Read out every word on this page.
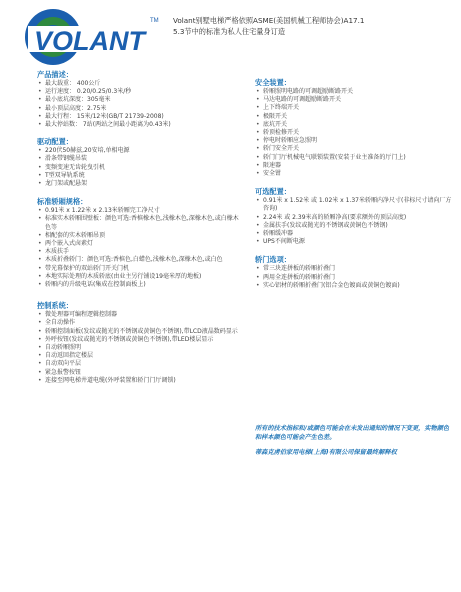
VOLANT
TM Volant别墅电梯严格依照ASME(美国机械工程师协会)A17.1
5.3节中的标准为私人住宅量身订造
产品描述：
• 最大载重： 400公斤
• 运行速度： 0.20/0.25/0.3米/秒
• 最小底坑深度：305毫米
• 最小顶层高度：2.75米
• 最大行程： 15米/12米(GB/T 21739-2008)
• 最大停站数： 7站(两站之间最小距离为0.43米)
驱动配置：
• 220伏50赫兹,20安培,单相电源
• 滑条带钢缆吊装
• 变频变速无齿轮曳引机
• T型双导轨系统
• 龙门架或配悬架
标准轿厢规格：
• 0.91米 x 1.22米 x 2.13米轿厢完工净尺寸
• 标准实木轿厢围壁板：颜色可选:香槟橡木色,浅橡木色,深橡木色,或白橡木色等
• 相配套的实木轿厢吊顶
• 两个嵌入式卤素灯
• 木质扶手
• 木质折叠轿门：颜色可选:香槟色,白蜡色,浅橡木色,深橡木色,或白色
• 带光幕保护的双站轿门开关门机
• 本地实际处理的木质轿底(由业主另行铺设19毫米厚的地板)
• 轿厢内的升级电话(集成在控制面板上)
控制系统：
• 微处理器可编程逻辑控制器
• 全自动操作
• 轿厢控制面板(发纹或抛光的不锈钢或黄铜色不锈钢),带LCD液晶数码显示
• 外呼按钮(发纹或抛光的不锈钢或黄铜色不锈钢),带LED楼层显示
• 自动轿厢照明
• 自动返回指定楼层
• 自动双向平层
• 紧急报警按钮
• 连接至网电梯井道电缆(外呼装置和轿门门厅调锁)
安全装置：
• 轿厢照明电路的可调超励断路开关
• 马达电路的可调超励断路开关
• 上下终端开关
• 极限开关
• 底坑开关
• 轿顶检修开关
• 停电时轿厢应急照明
• 轿门安全开关
• 轿门门厅机械电气联锁装置(安装于业主准备的厅门上)
• 限速器
• 安全钳
可选配置：
• 0.91米 x 1.52米 或 1.02米 x 1.37米轿厢内净尺寸(非标尺寸请向厂方咨询)
• 2.24米 或 2.39米高的轿厢净高(要求额外的顶层高度)
• 金属扶手(发纹或抛光的不锈钢或黄铜色不锈钢)
• 轿厢缓冲器
• UPS不间断电源
轿门选项：
• 常三块连拼板的轿厢折叠门
• 两用全连拼板的轿厢折叠门
• 实心铝材的轿厢折叠门(铝合金色镀面或黄铜色镀面)
所有的技术指标和/或颜色可能会在未发出通知的情况下变更，实物颜色和样本颜色可能会产生色差。
蒂森克虏伯家用电梯(上海)有限公司保留最终解释权
